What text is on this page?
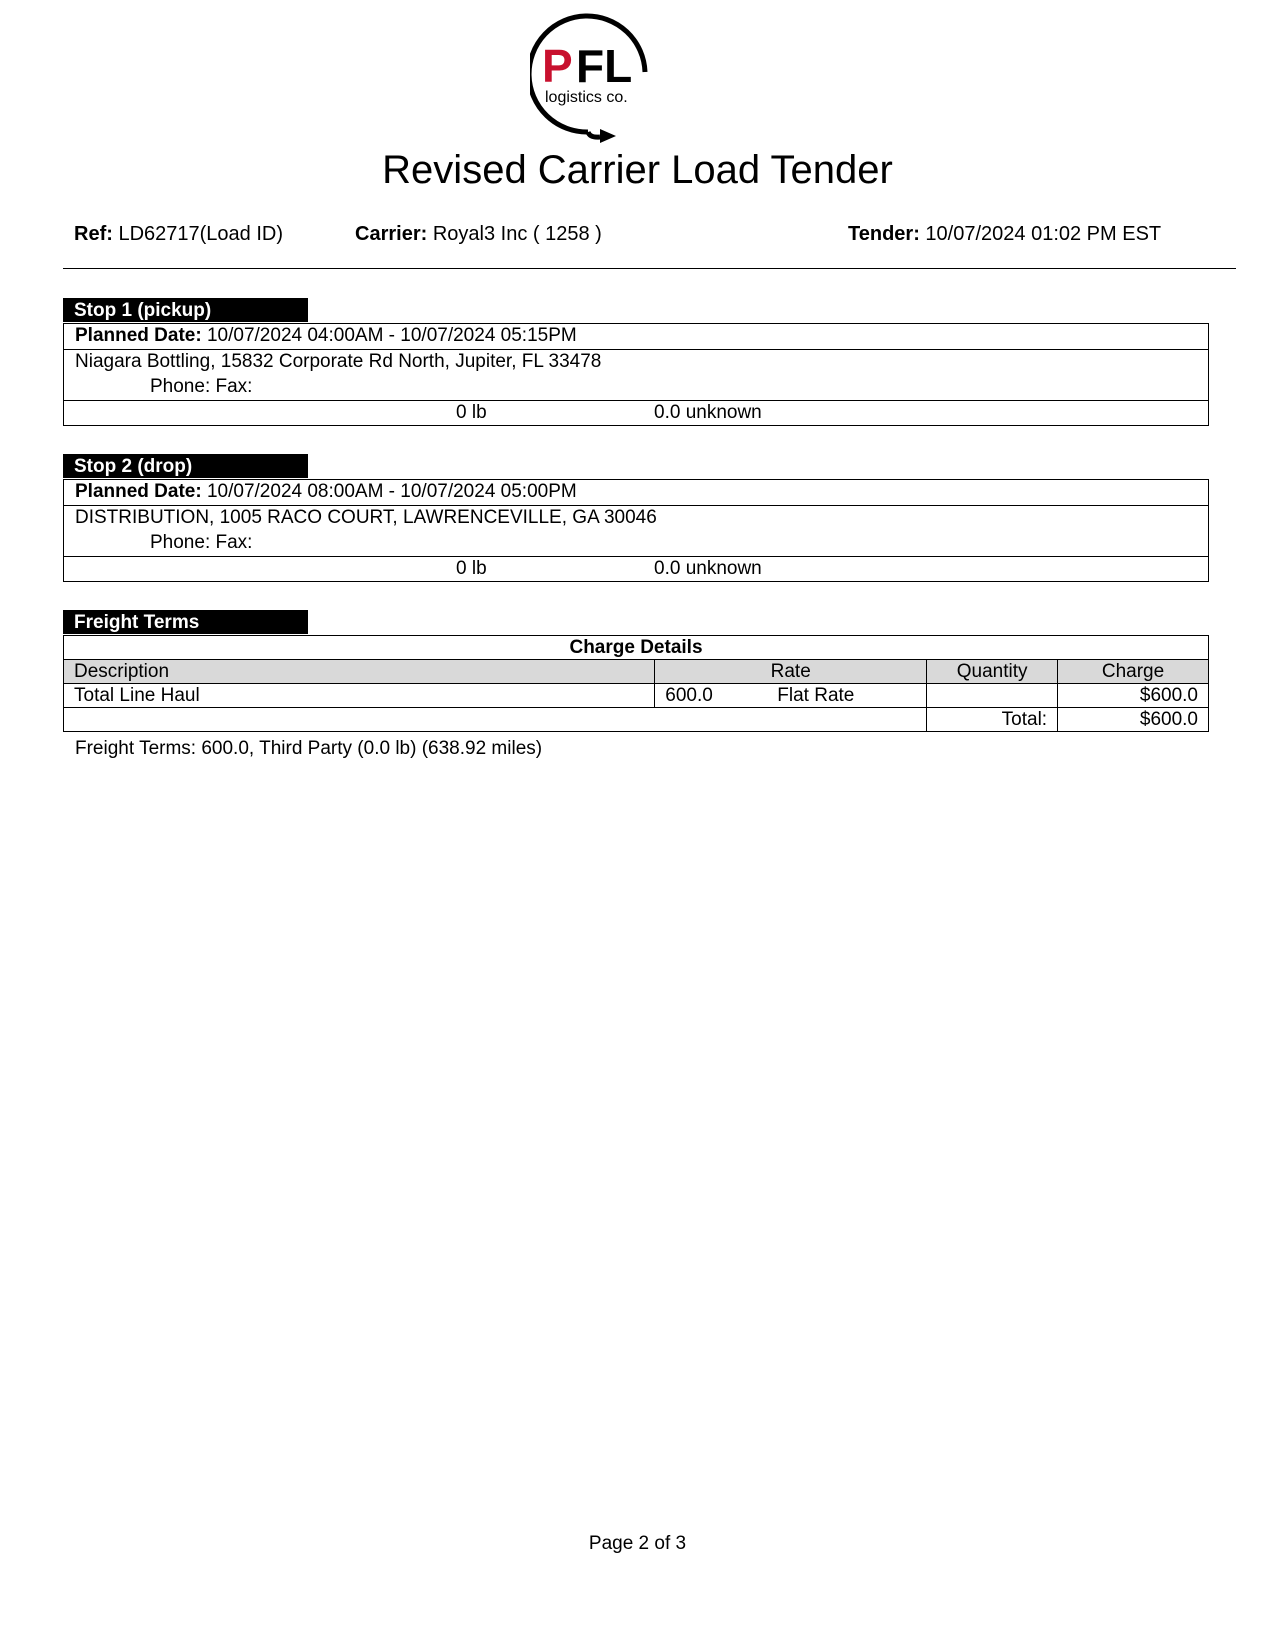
P FL
logistics co.
Revised Carrier Load Tender
Ref: LD62717(Load ID)	Carrier: Royal3 Inc ( 1258 )	Tender: 10/07/2024 01:02 PM EST
Stop 1 (pickup)
Planned Date: 10/07/2024 04:00AM - 10/07/2024 05:15PM
Niagara Bottling, 15832 Corporate Rd North, Jupiter, FL 33478
Phone: Fax:
0 lb	0.0 unknown
Stop 2 (drop)
Planned Date: 10/07/2024 08:00AM - 10/07/2024 05:00PM
DISTRIBUTION, 1005 RACO COURT, LAWRENCEVILLE, GA 30046
Phone: Fax:
0 lb	0.0 unknown
Freight Terms
Charge Details			
Description	Rate	Quantity	Charge
Total Line Haul	600.0 Flat Rate		$600.0
		Total:	$600.0
Freight Terms: 600.0, Third Party (0.0 lb) (638.92 miles)
Page 2 of 3
